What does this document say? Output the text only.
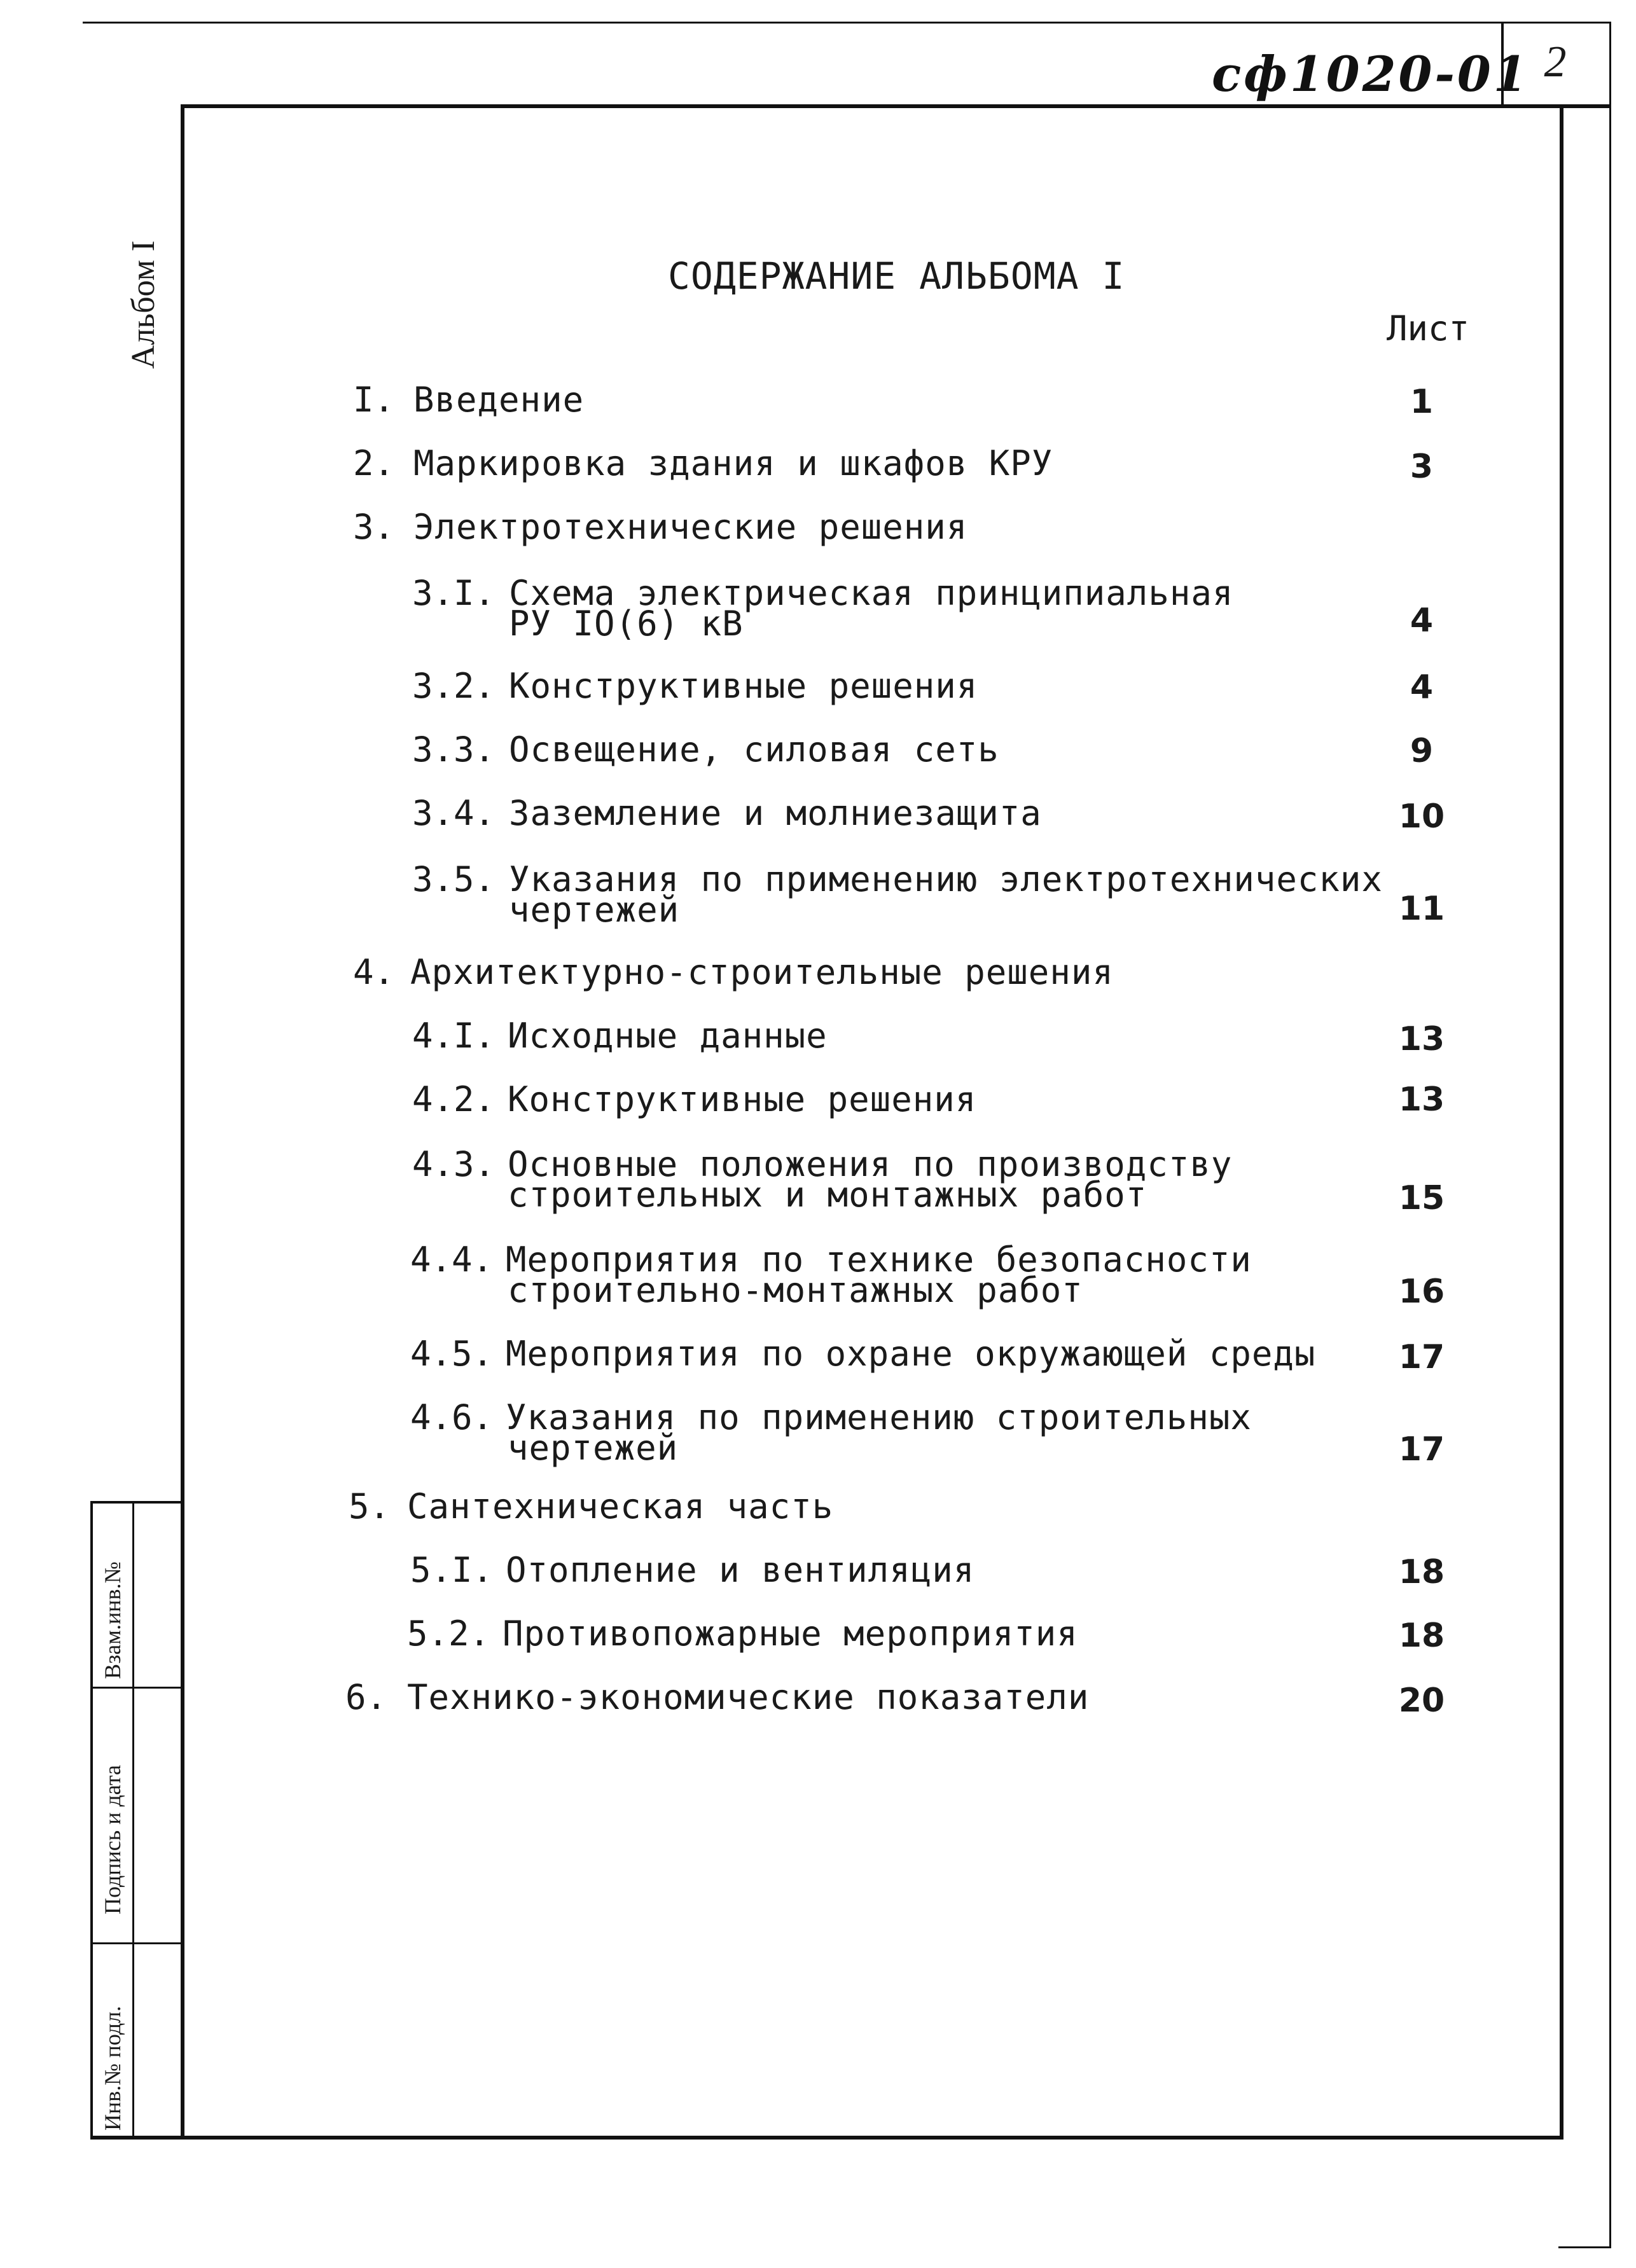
2
сф1020-01
Альбом I
Взам.инв.№
Подпись и дата
Инв.№ подл.
СОДЕРЖАНИЕ АЛЬБОМА I
Лист
I. Введение	1
2. Маркировка здания и шкафов КРУ	3
3. Электротехнические решения
3.I. Схема электрическая принципиальная
РУ IO(6) кВ	4
3.2. Конструктивные решения	4
3.3. Освещение, силовая сеть	9
3.4. Заземление и молниезащита	10
3.5. Указания по применению электротехнических
чертежей	11
4. Архитектурно-строительные решения
4.I. Исходные данные	13
4.2. Конструктивные решения	13
4.3. Основные положения по производству
строительных и монтажных работ	15
4.4. Мероприятия по технике безопасности
строительно-монтажных работ	16
4.5. Мероприятия по охране окружающей среды	17
4.6. Указания по применению строительных
чертежей	17
5. Сантехническая часть
5.I. Отопление и вентиляция	18
5.2. Противопожарные мероприятия	18
6. Технико-экономические показатели	20
